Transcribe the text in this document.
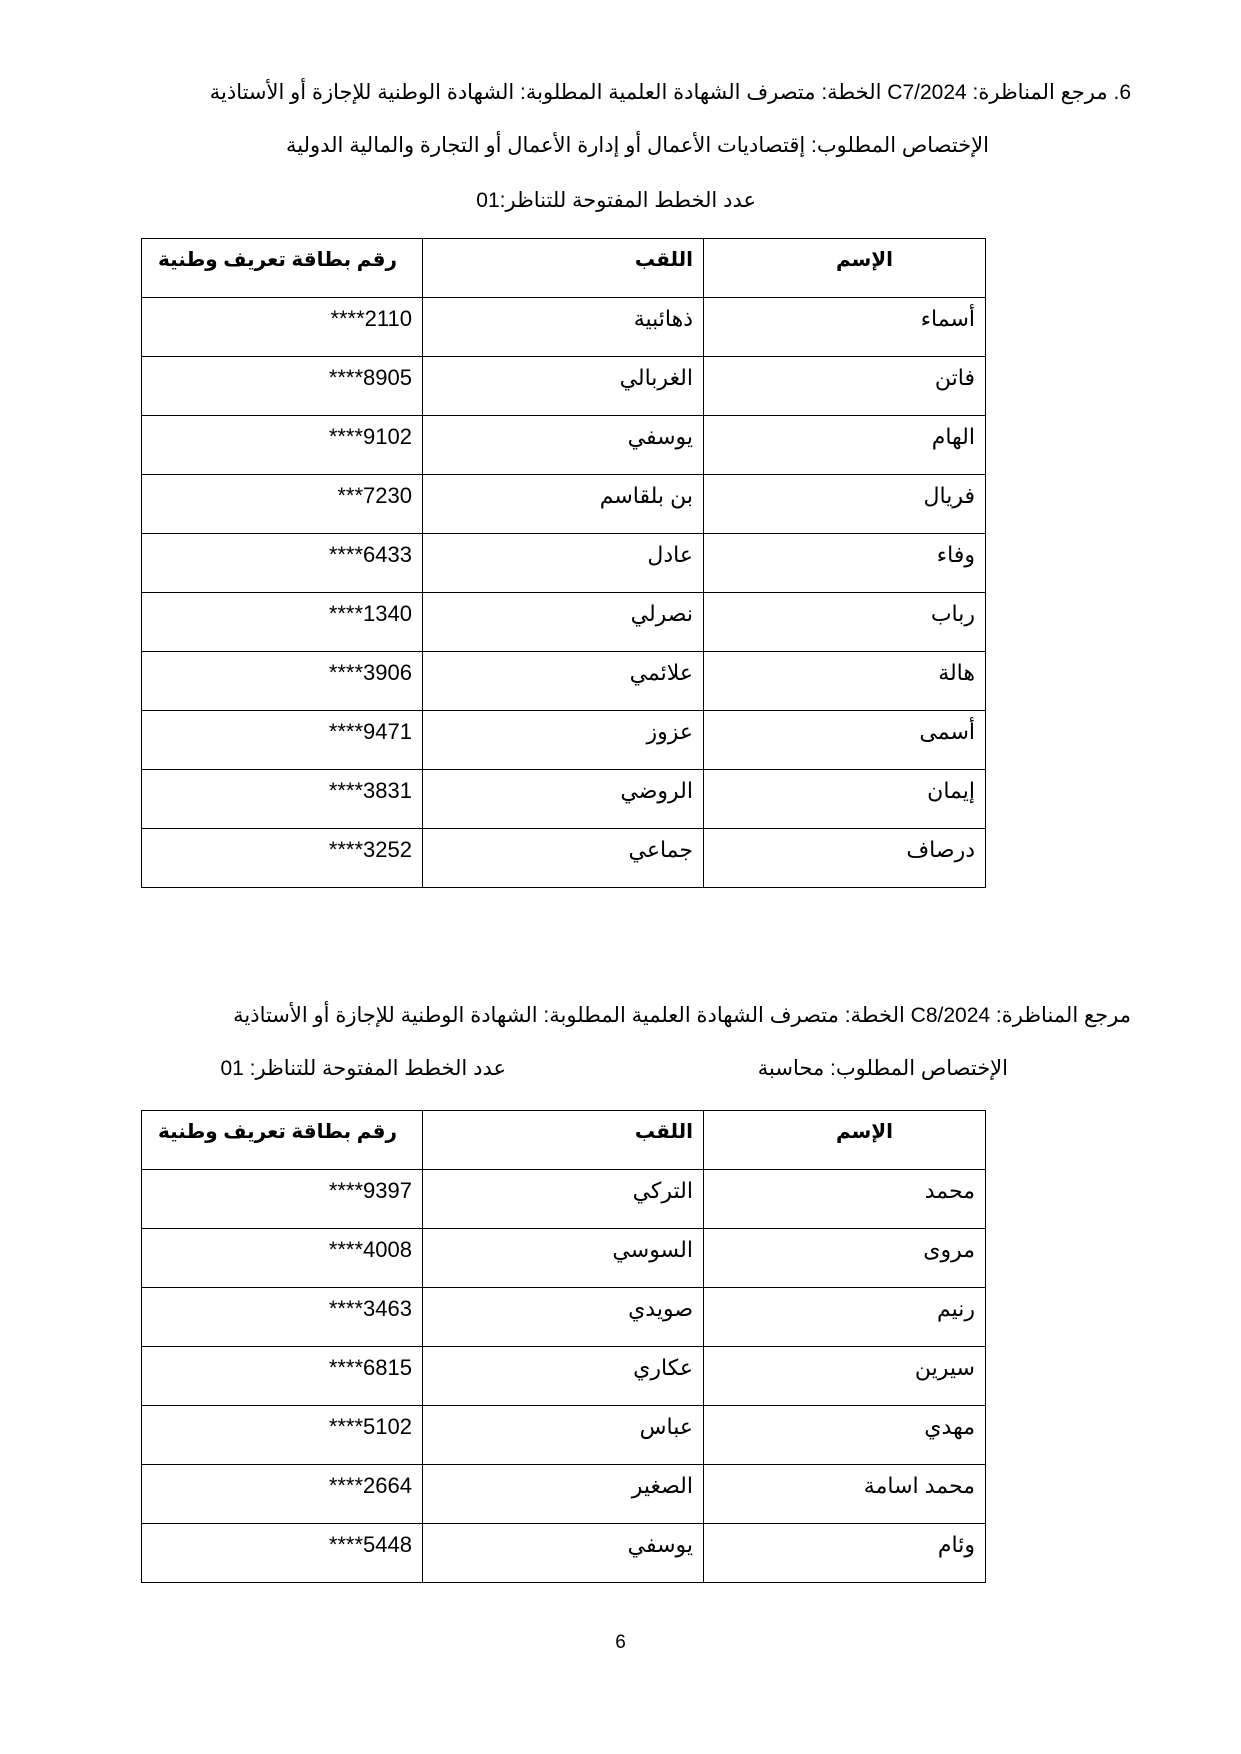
6. مرجع المناظرة: C7/2024 الخطة: متصرف الشهادة العلمية المطلوبة: الشهادة الوطنية للإجازة أو الأستاذية
الإختصاص المطلوب: إقتصاديات الأعمال أو إدارة الأعمال أو التجارة والمالية الدولية
عدد الخطط المفتوحة للتناظر:01
رقم بطاقة تعريف وطنية	اللقب	الإسم

****2110	ذهائبية	أسماء

****8905	الغربالي	فاتن

****9102	يوسفي	الهام

***7230	بن بلقاسم	فريال

****6433	عادل	وفاء

****1340	نصرلي	رباب

****3906	علائمي	هالة

****9471	عزوز	أسمى

****3831	الروضي	إيمان

****3252	جماعي	درصاف
مرجع المناظرة: C8/2024 الخطة: متصرف الشهادة العلمية المطلوبة: الشهادة الوطنية للإجازة أو الأستاذية
الإختصاص المطلوب: محاسبة
عدد الخطط المفتوحة للتناظر: 01
رقم بطاقة تعريف وطنية	اللقب	الإسم

****9397	التركي	محمد

****4008	السوسي	مروى

****3463	صويدي	رنيم

****6815	عكاري	سيرين

****5102	عباس	مهدي

****2664	الصغير	محمد اسامة

****5448	يوسفي	وئام
6
